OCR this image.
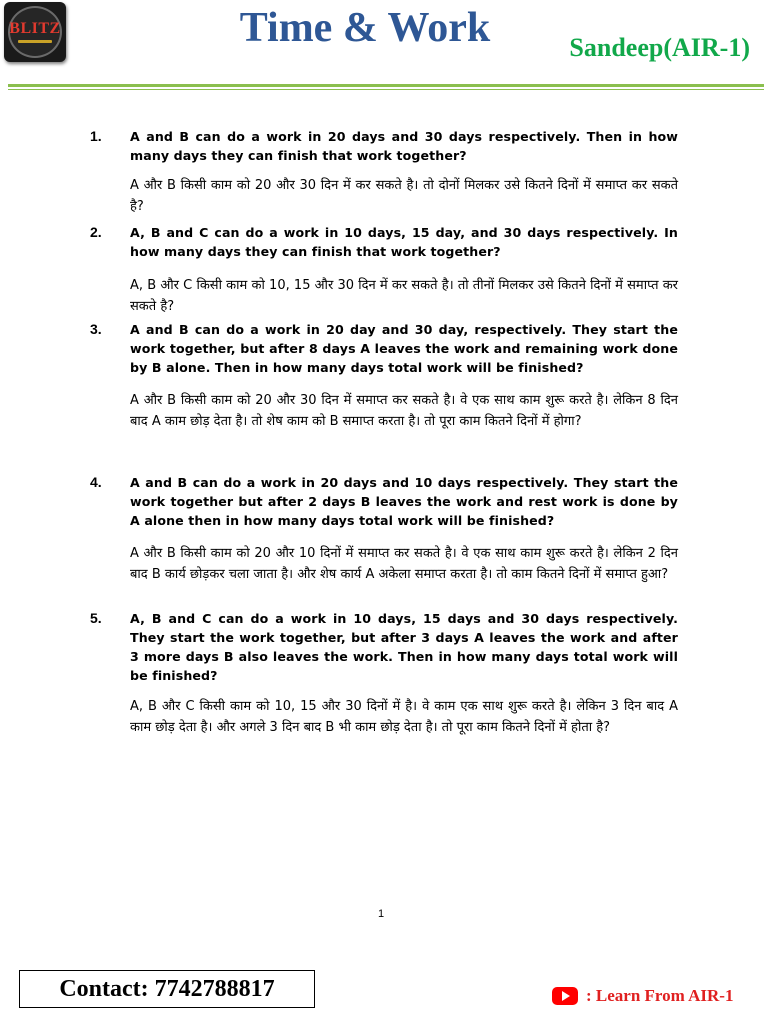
BLITZ	Time & Work	Sandeep(AIR-1)
1. A and B can do a work in 20 days and 30 days respectively. Then in how many days they can finish that work together?
A और B किसी काम को 20 और 30 दिन में कर सकते है। तो दोनों मिलकर उसे कितने दिनों में समाप्त कर सकते है?
2. A, B and C can do a work in 10 days, 15 day, and 30 days respectively. In how many days they can finish that work together?
A, B और C किसी काम को 10, 15 और 30 दिन में कर सकते है। तो तीनों मिलकर उसे कितने दिनों में समाप्त कर सकते है?
3. A and B can do a work in 20 day and 30 day, respectively. They start the work together, but after 8 days A leaves the work and remaining work done by B alone. Then in how many days total work will be finished?
A और B किसी काम को 20 और 30 दिन में समाप्त कर सकते है। वे एक साथ काम शुरू करते है। लेकिन 8 दिन बाद A काम छोड़ देता है। तो शेष काम को B समाप्त करता है। तो पूरा काम कितने दिनों में होगा?
4. A and B can do a work in 20 days and 10 days respectively. They start the work together but after 2 days B leaves the work and rest work is done by A alone then in how many days total work will be finished?
A और B किसी काम को 20 और 10 दिनों में समाप्त कर सकते है। वे एक साथ काम शुरू करते है। लेकिन 2 दिन बाद B कार्य छोड़कर चला जाता है। और शेष कार्य A अकेला समाप्त करता है। तो काम कितने दिनों में समाप्त हुआ?
5. A, B and C can do a work in 10 days, 15 days and 30 days respectively. They start the work together, but after 3 days A leaves the work and after 3 more days B also leaves the work. Then in how many days total work will be finished?
A, B और C किसी काम को 10, 15 और 30 दिनों में है। वे काम एक साथ शुरू करते है। लेकिन 3 दिन बाद A काम छोड़ देता है। और अगले 3 दिन बाद B भी काम छोड़ देता है। तो पूरा काम कितने दिनों में होता है?
1
Contact: 7742788817	: Learn From AIR-1
